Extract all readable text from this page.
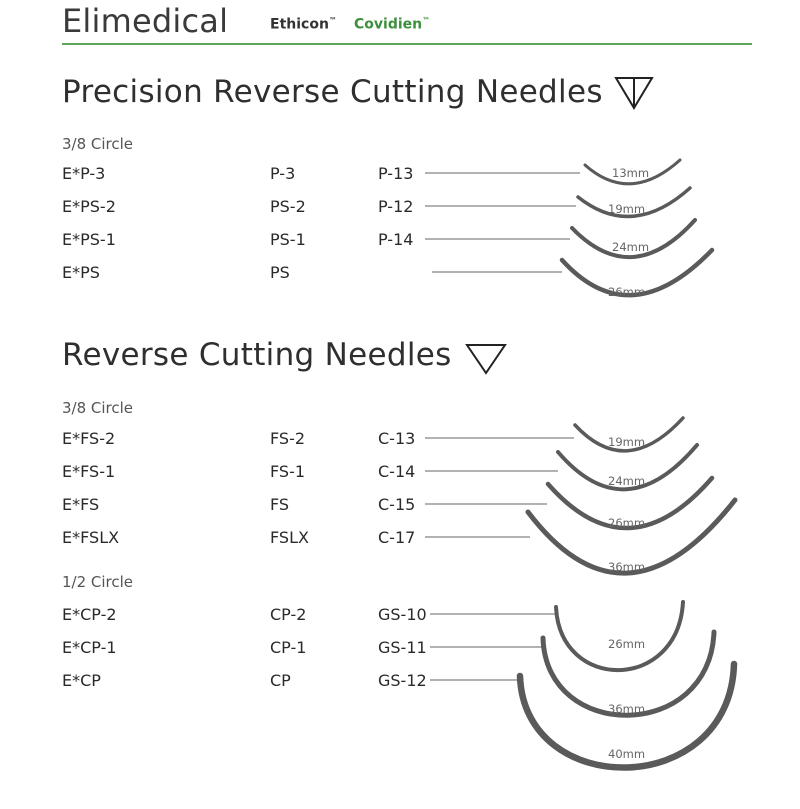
Elimedical	Ethicon™ Covidien™
Precision Reverse Cutting Needles
3/8 Circle
E*P-3	P-3	P-13
E*PS-2	PS-2	P-12
E*PS-1	PS-1	P-14
E*PS	PS
Reverse Cutting Needles
3/8 Circle
E*FS-2	FS-2	C-13
E*FS-1	FS-1	C-14
E*FS	FS	C-15
E*FSLX	FSLX	C-17
1/2 Circle
E*CP-2	CP-2	GS-10
E*CP-1	CP-1	GS-11
E*CP	CP	GS-12
13mm
19mm
24mm
26mm
19mm
24mm
26mm
36mm
26mm
36mm
40mm
